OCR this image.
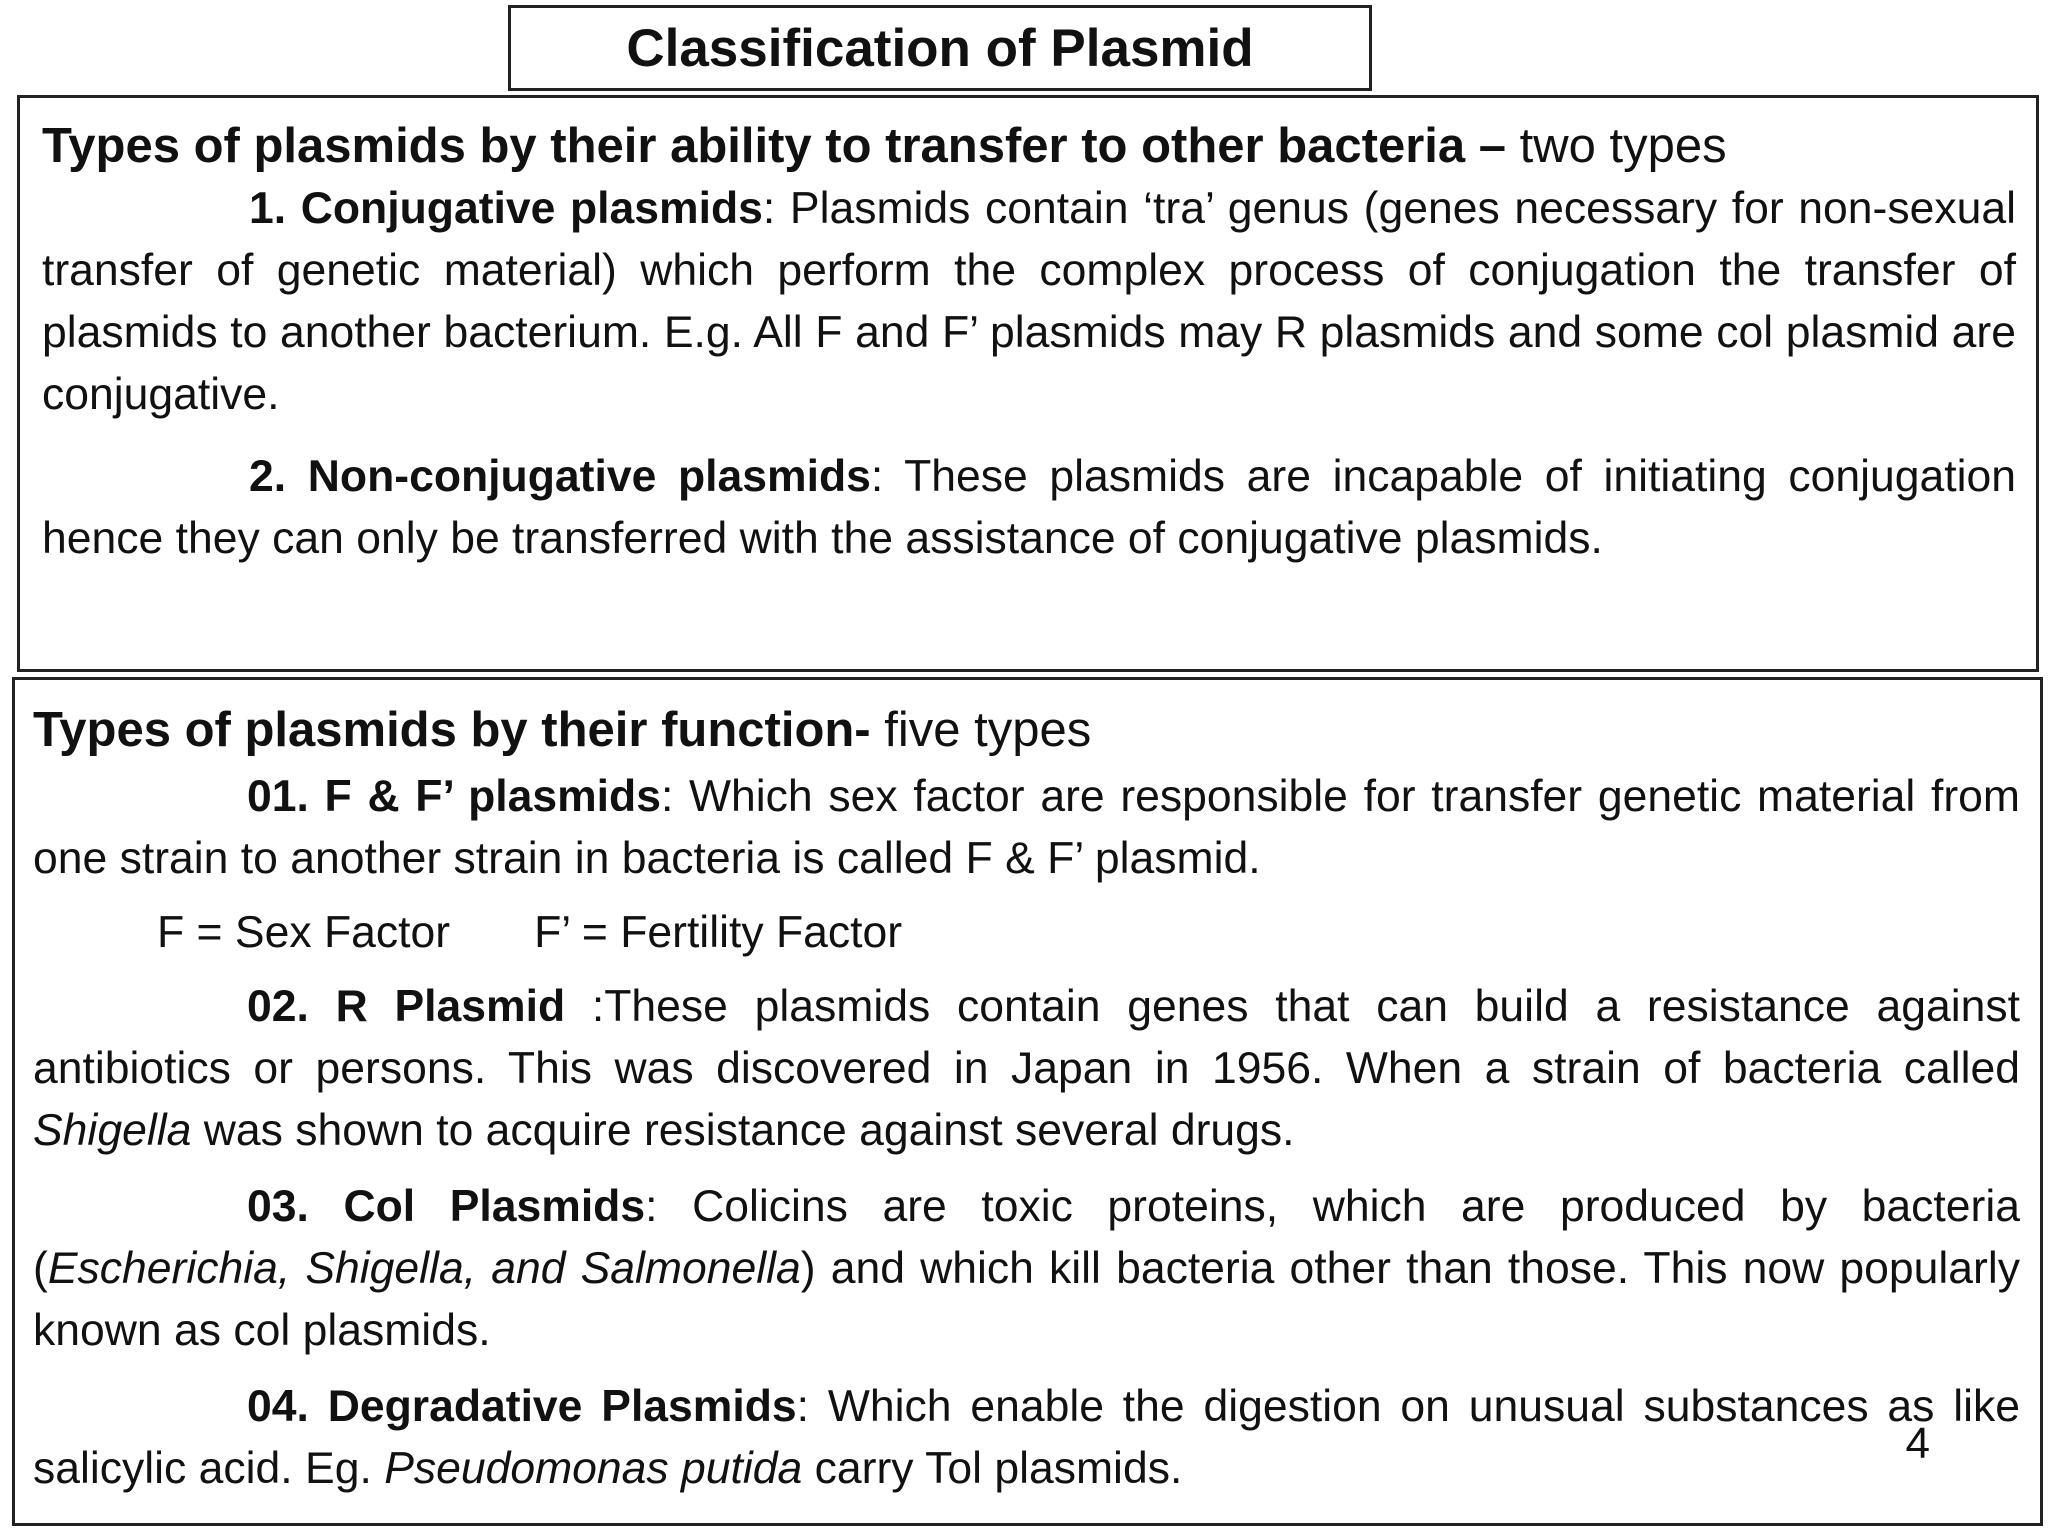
Classification of Plasmid

Types of plasmids by their ability to transfer to other bacteria – two types

1. Conjugative plasmids: Plasmids contain ‘tra’ genus (genes necessary for non-sexual transfer of genetic material) which perform the complex process of conjugation the transfer of plasmids to another bacterium. E.g. All F and F’ plasmids may R plasmids and some col plasmid are conjugative.

2. Non-conjugative plasmids: These plasmids are incapable of initiating conjugation hence they can only be transferred with the assistance of conjugative plasmids.

Types of plasmids by their function- five types

01. F & F’ plasmids: Which sex factor are responsible for transfer genetic material from one strain to another strain in bacteria is called F & F’ plasmid.

F = Sex Factor F’ = Fertility Factor

02. R Plasmid :These plasmids contain genes that can build a resistance against antibiotics or persons. This was discovered in Japan in 1956. When a strain of bacteria called Shigella was shown to acquire resistance against several drugs.

03. Col Plasmids: Colicins are toxic proteins, which are produced by bacteria (Escherichia, Shigella, and Salmonella) and which kill bacteria other than those. This now popularly known as col plasmids.

04. Degradative Plasmids: Which enable the digestion on unusual substances as like salicylic acid. Eg. Pseudomonas putida carry Tol plasmids.

4
